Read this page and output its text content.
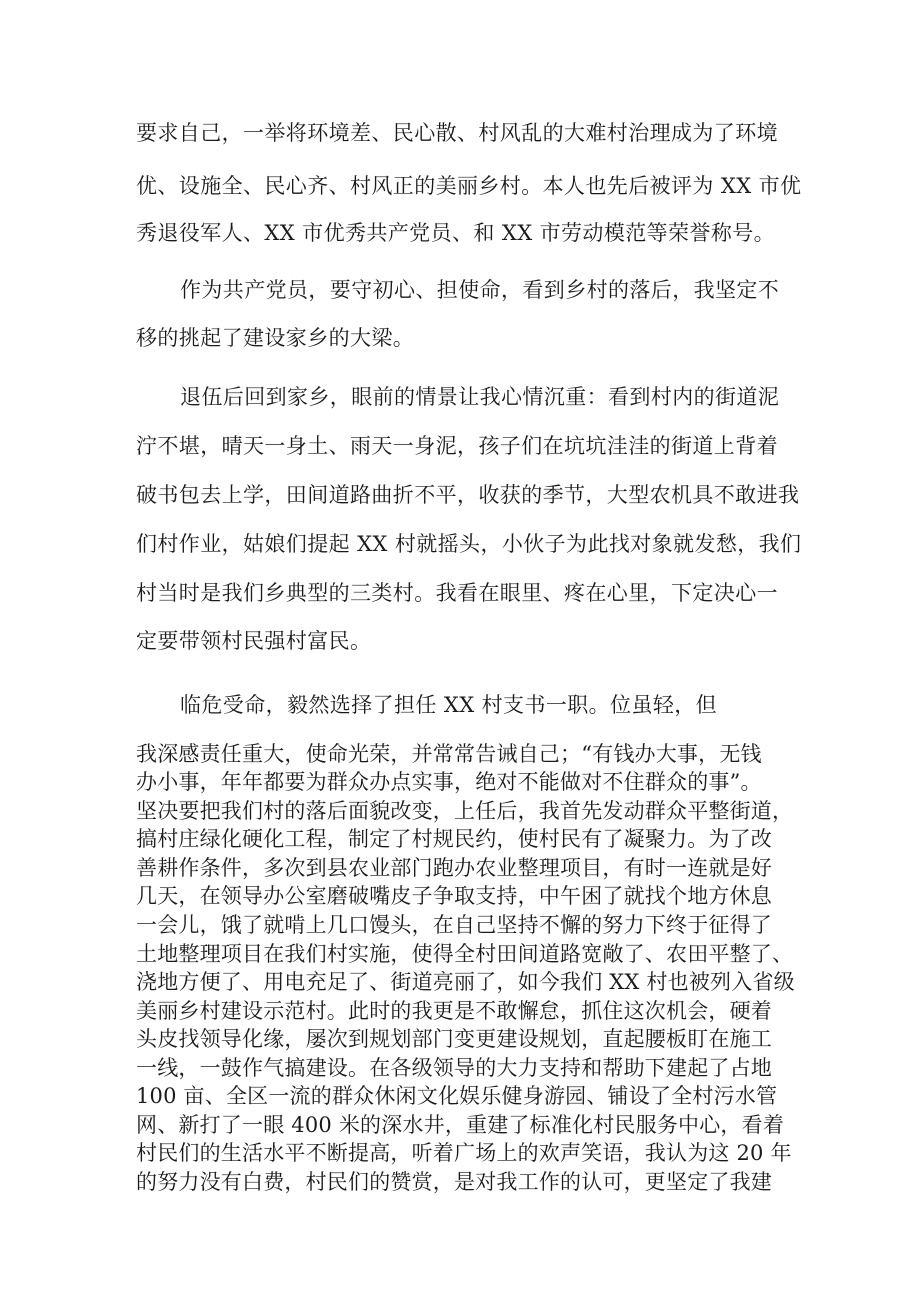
要求自己，一举将环境差、民心散、村风乱的大难村治理成为了环境
优、设施全、民心齐、村风正的美丽乡村。本人也先后被评为 XX 市优
秀退役军人、XX 市优秀共产党员、和 XX 市劳动模范等荣誉称号。
作为共产党员，要守初心、担使命，看到乡村的落后，我坚定不
移的挑起了建设家乡的大梁。
退伍后回到家乡，眼前的情景让我心情沉重：看到村内的街道泥
泞不堪，晴天一身土、雨天一身泥，孩子们在坑坑洼洼的街道上背着
破书包去上学，田间道路曲折不平，收获的季节，大型农机具不敢进我
们村作业，姑娘们提起 XX 村就摇头，小伙子为此找对象就发愁，我们
村当时是我们乡典型的三类村。我看在眼里、疼在心里，下定决心一
定要带领村民强村富民。
临危受命，毅然选择了担任 XX 村支书一职。位虽轻，但
我深感责任重大，使命光荣，并常常告诫自己；“有钱办大事，无钱
办小事，年年都要为群众办点实事，绝对不能做对不住群众的事”。
坚决要把我们村的落后面貌改变，上任后，我首先发动群众平整街道，
搞村庄绿化硬化工程，制定了村规民约，使村民有了凝聚力。为了改
善耕作条件，多次到县农业部门跑办农业整理项目，有时一连就是好
几天，在领导办公室磨破嘴皮子争取支持，中午困了就找个地方休息
一会儿，饿了就啃上几口馒头，在自己坚持不懈的努力下终于征得了
土地整理项目在我们村实施，使得全村田间道路宽敞了、农田平整了、
浇地方便了、用电充足了、街道亮丽了，如今我们 XX 村也被列入省级
美丽乡村建设示范村。此时的我更是不敢懈怠，抓住这次机会，硬着
头皮找领导化缘，屡次到规划部门变更建设规划，直起腰板盯在施工
一线，一鼓作气搞建设。在各级领导的大力支持和帮助下建起了占地
100 亩、全区一流的群众休闲文化娱乐健身游园、铺设了全村污水管
网、新打了一眼 400 米的深水井，重建了标准化村民服务中心，看着
村民们的生活水平不断提高，听着广场上的欢声笑语，我认为这 20 年
的努力没有白费，村民们的赞赏，是对我工作的认可，更坚定了我建
